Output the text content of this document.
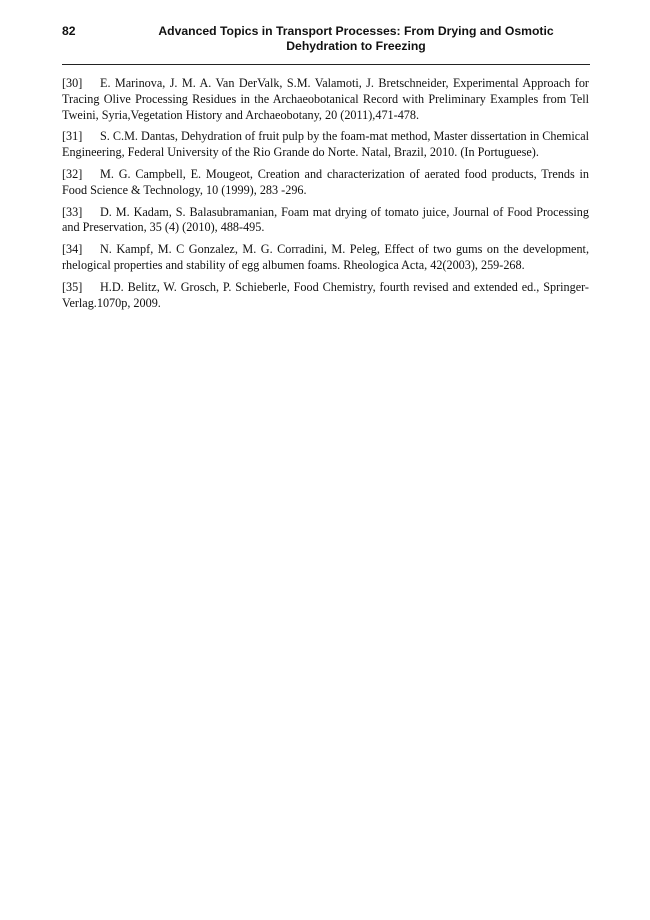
82	Advanced Topics in Transport Processes: From Drying and Osmotic
Dehydration to Freezing

[30] E. Marinova, J. M. A. Van DerValk, S.M. Valamoti, J. Bretschneider, Experimental Approach for Tracing Olive Processing Residues in the Archaeobotanical Record with Preliminary Examples from Tell Tweini, Syria,Vegetation History and Archaeobotany, 20 (2011),471-478.

[31] S. C.M. Dantas, Dehydration of fruit pulp by the foam-mat method, Master dissertation in Chemical Engineering, Federal University of the Rio Grande do Norte. Natal, Brazil, 2010. (In Portuguese).

[32] M. G. Campbell, E. Mougeot, Creation and characterization of aerated food products, Trends in Food Science & Technology, 10 (1999), 283 -296.

[33] D. M. Kadam, S. Balasubramanian, Foam mat drying of tomato juice, Journal of Food Processing and Preservation, 35 (4) (2010), 488-495.

[34] N. Kampf, M. C Gonzalez, M. G. Corradini, M. Peleg, Effect of two gums on the development, rhelogical properties and stability of egg albumen foams. Rheologica Acta, 42(2003), 259-268.

[35] H.D. Belitz, W. Grosch, P. Schieberle, Food Chemistry, fourth revised and extended ed., Springer-Verlag.1070p, 2009.
